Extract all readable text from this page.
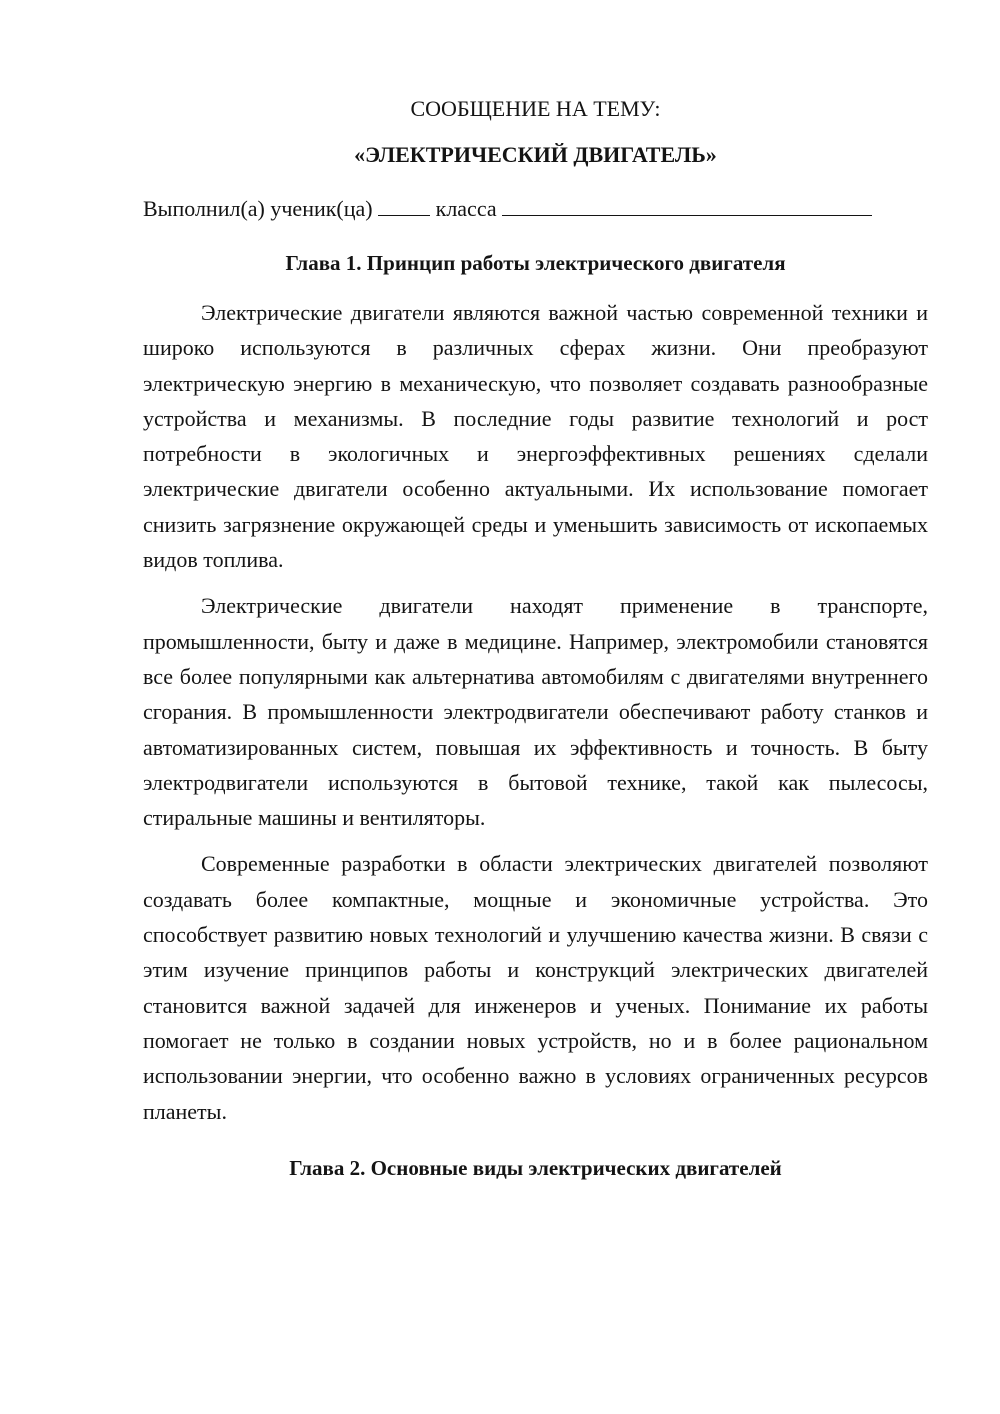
СООБЩЕНИЕ НА ТЕМУ:

«ЭЛЕКТРИЧЕСКИЙ ДВИГАТЕЛЬ»

Выполнил(а) ученик(ца)	класса

Глава 1. Принцип работы электрического двигателя

Электрические двигатели являются важной частью современной техники и широко используются в различных сферах жизни. Они преобразуют электрическую энергию в механическую, что позволяет создавать разнообразные устройства и механизмы. В последние годы развитие технологий и рост потребности в экологичных и энергоэффективных решениях сделали электрические двигатели особенно актуальными. Их использование помогает снизить загрязнение окружающей среды и уменьшить зависимость от ископаемых видов топлива.

Электрические двигатели находят применение в транспорте, промышленности, быту и даже в медицине. Например, электромобили становятся все более популярными как альтернатива автомобилям с двигателями внутреннего сгорания. В промышленности электродвигатели обеспечивают работу станков и автоматизированных систем, повышая их эффективность и точность. В быту электродвигатели используются в бытовой технике, такой как пылесосы, стиральные машины и вентиляторы.

Современные разработки в области электрических двигателей позволяют создавать более компактные, мощные и экономичные устройства. Это способствует развитию новых технологий и улучшению качества жизни. В связи с этим изучение принципов работы и конструкций электрических двигателей становится важной задачей для инженеров и ученых. Понимание их работы помогает не только в создании новых устройств, но и в более рациональном использовании энергии, что особенно важно в условиях ограниченных ресурсов планеты.

Глава 2. Основные виды электрических двигателей
